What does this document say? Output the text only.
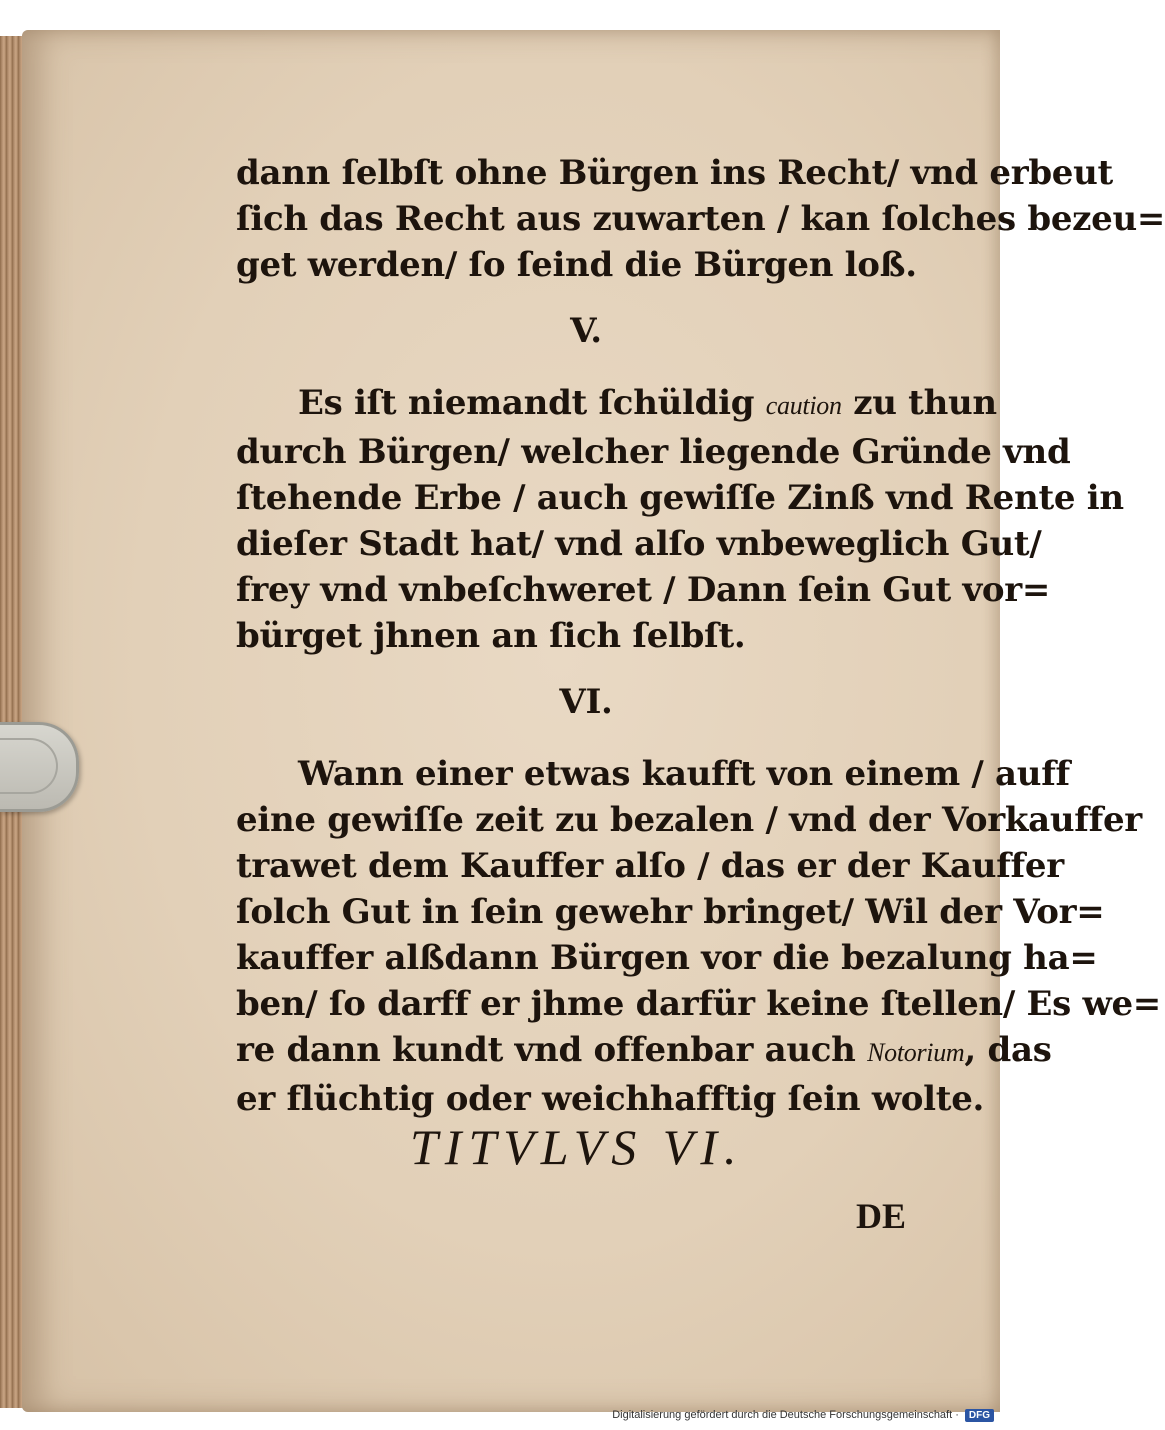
dann ſelbſt ohne Bürgen ins Recht/ vnd erbeut
ſich das Recht aus zuwarten / kan ſolches bezeu=
get werden/ ſo ſeind die Bürgen loß.
V.
Es iſt niemandt ſchüldig caution zu thun
durch Bürgen/ welcher liegende Gründe vnd
ſtehende Erbe / auch gewiſſe Zinß vnd Rente in
dieſer Stadt hat/ vnd alſo vnbeweglich Gut/
frey vnd vnbeſchweret / Dann ſein Gut vor=
bürget jhnen an ſich ſelbſt.
VI.
Wann einer etwas kaufft von einem / auff
eine gewiſſe zeit zu bezalen / vnd der Vorkauffer
trawet dem Kauffer alſo / das er der Kauffer
ſolch Gut in ſein gewehr bringet/ Wil der Vor=
kauffer alßdann Bürgen vor die bezalung ha=
ben/ ſo darff er jhme darfür keine ſtellen/ Es we=
re dann kundt vnd offenbar auch Notorium, das
er flüchtig oder weichhafftig ſein wolte.
TITVLVS VI.
DE
Digitalisierung gefördert durch die Deutsche Forschungsgemeinschaft ·	DFG
